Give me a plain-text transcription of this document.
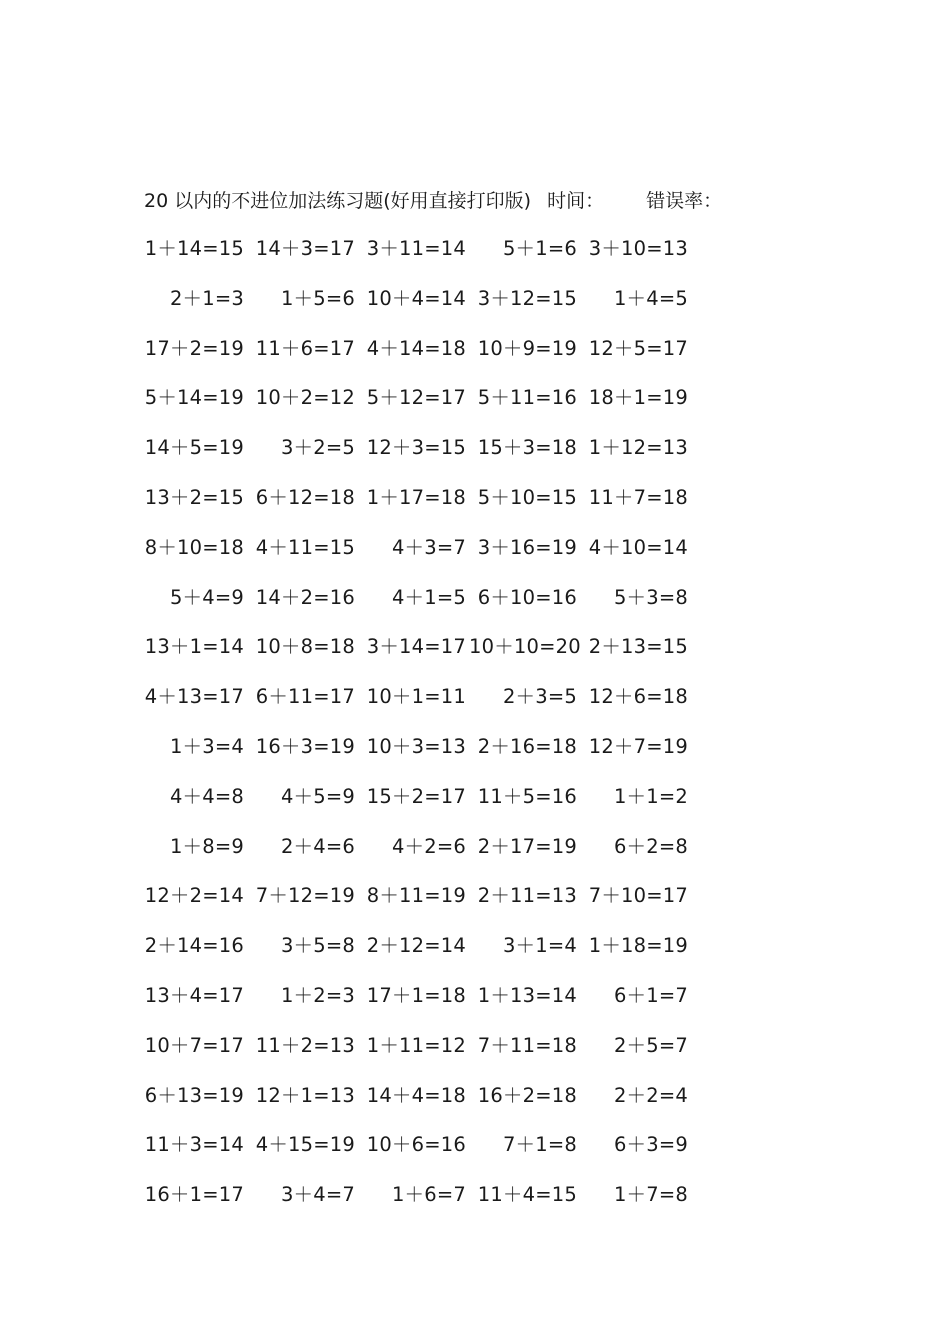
20 以内的不进位加法练习题(好用直接打印版) 时间： 错误率：
1＋14=15 14＋3=17 3＋11=14	5＋1=6 3＋10=13
2＋1=3	1＋5=6 10＋4=14 3＋12=15	1＋4=5
17＋2=19 11＋6=17 4＋14=18 10＋9=19 12＋5=17
5＋14=19 10＋2=12 5＋12=17 5＋11=16 18＋1=19
14＋5=19	3＋2=5 12＋3=15 15＋3=18 1＋12=13
13＋2=15 6＋12=18 1＋17=18 5＋10=15 11＋7=18
8＋10=18 4＋11=15	4＋3=7 3＋16=19 4＋10=14
5＋4=9 14＋2=16	4＋1=5 6＋10=16	5＋3=8
13＋1=14 10＋8=18 3＋14=17 10＋10=20 2＋13=15
4＋13=17 6＋11=17 10＋1=11	2＋3=5 12＋6=18
1＋3=4 16＋3=19 10＋3=13 2＋16=18 12＋7=19
4＋4=8	4＋5=9 15＋2=17 11＋5=16	1＋1=2
1＋8=9	2＋4=6	4＋2=6 2＋17=19	6＋2=8
12＋2=14 7＋12=19 8＋11=19 2＋11=13 7＋10=17
2＋14=16	3＋5=8 2＋12=14	3＋1=4 1＋18=19
13＋4=17	1＋2=3 17＋1=18 1＋13=14	6＋1=7
10＋7=17 11＋2=13 1＋11=12 7＋11=18	2＋5=7
6＋13=19 12＋1=13 14＋4=18 16＋2=18	2＋2=4
11＋3=14 4＋15=19 10＋6=16	7＋1=8	6＋3=9
16＋1=17	3＋4=7	1＋6=7 11＋4=15	1＋7=8
